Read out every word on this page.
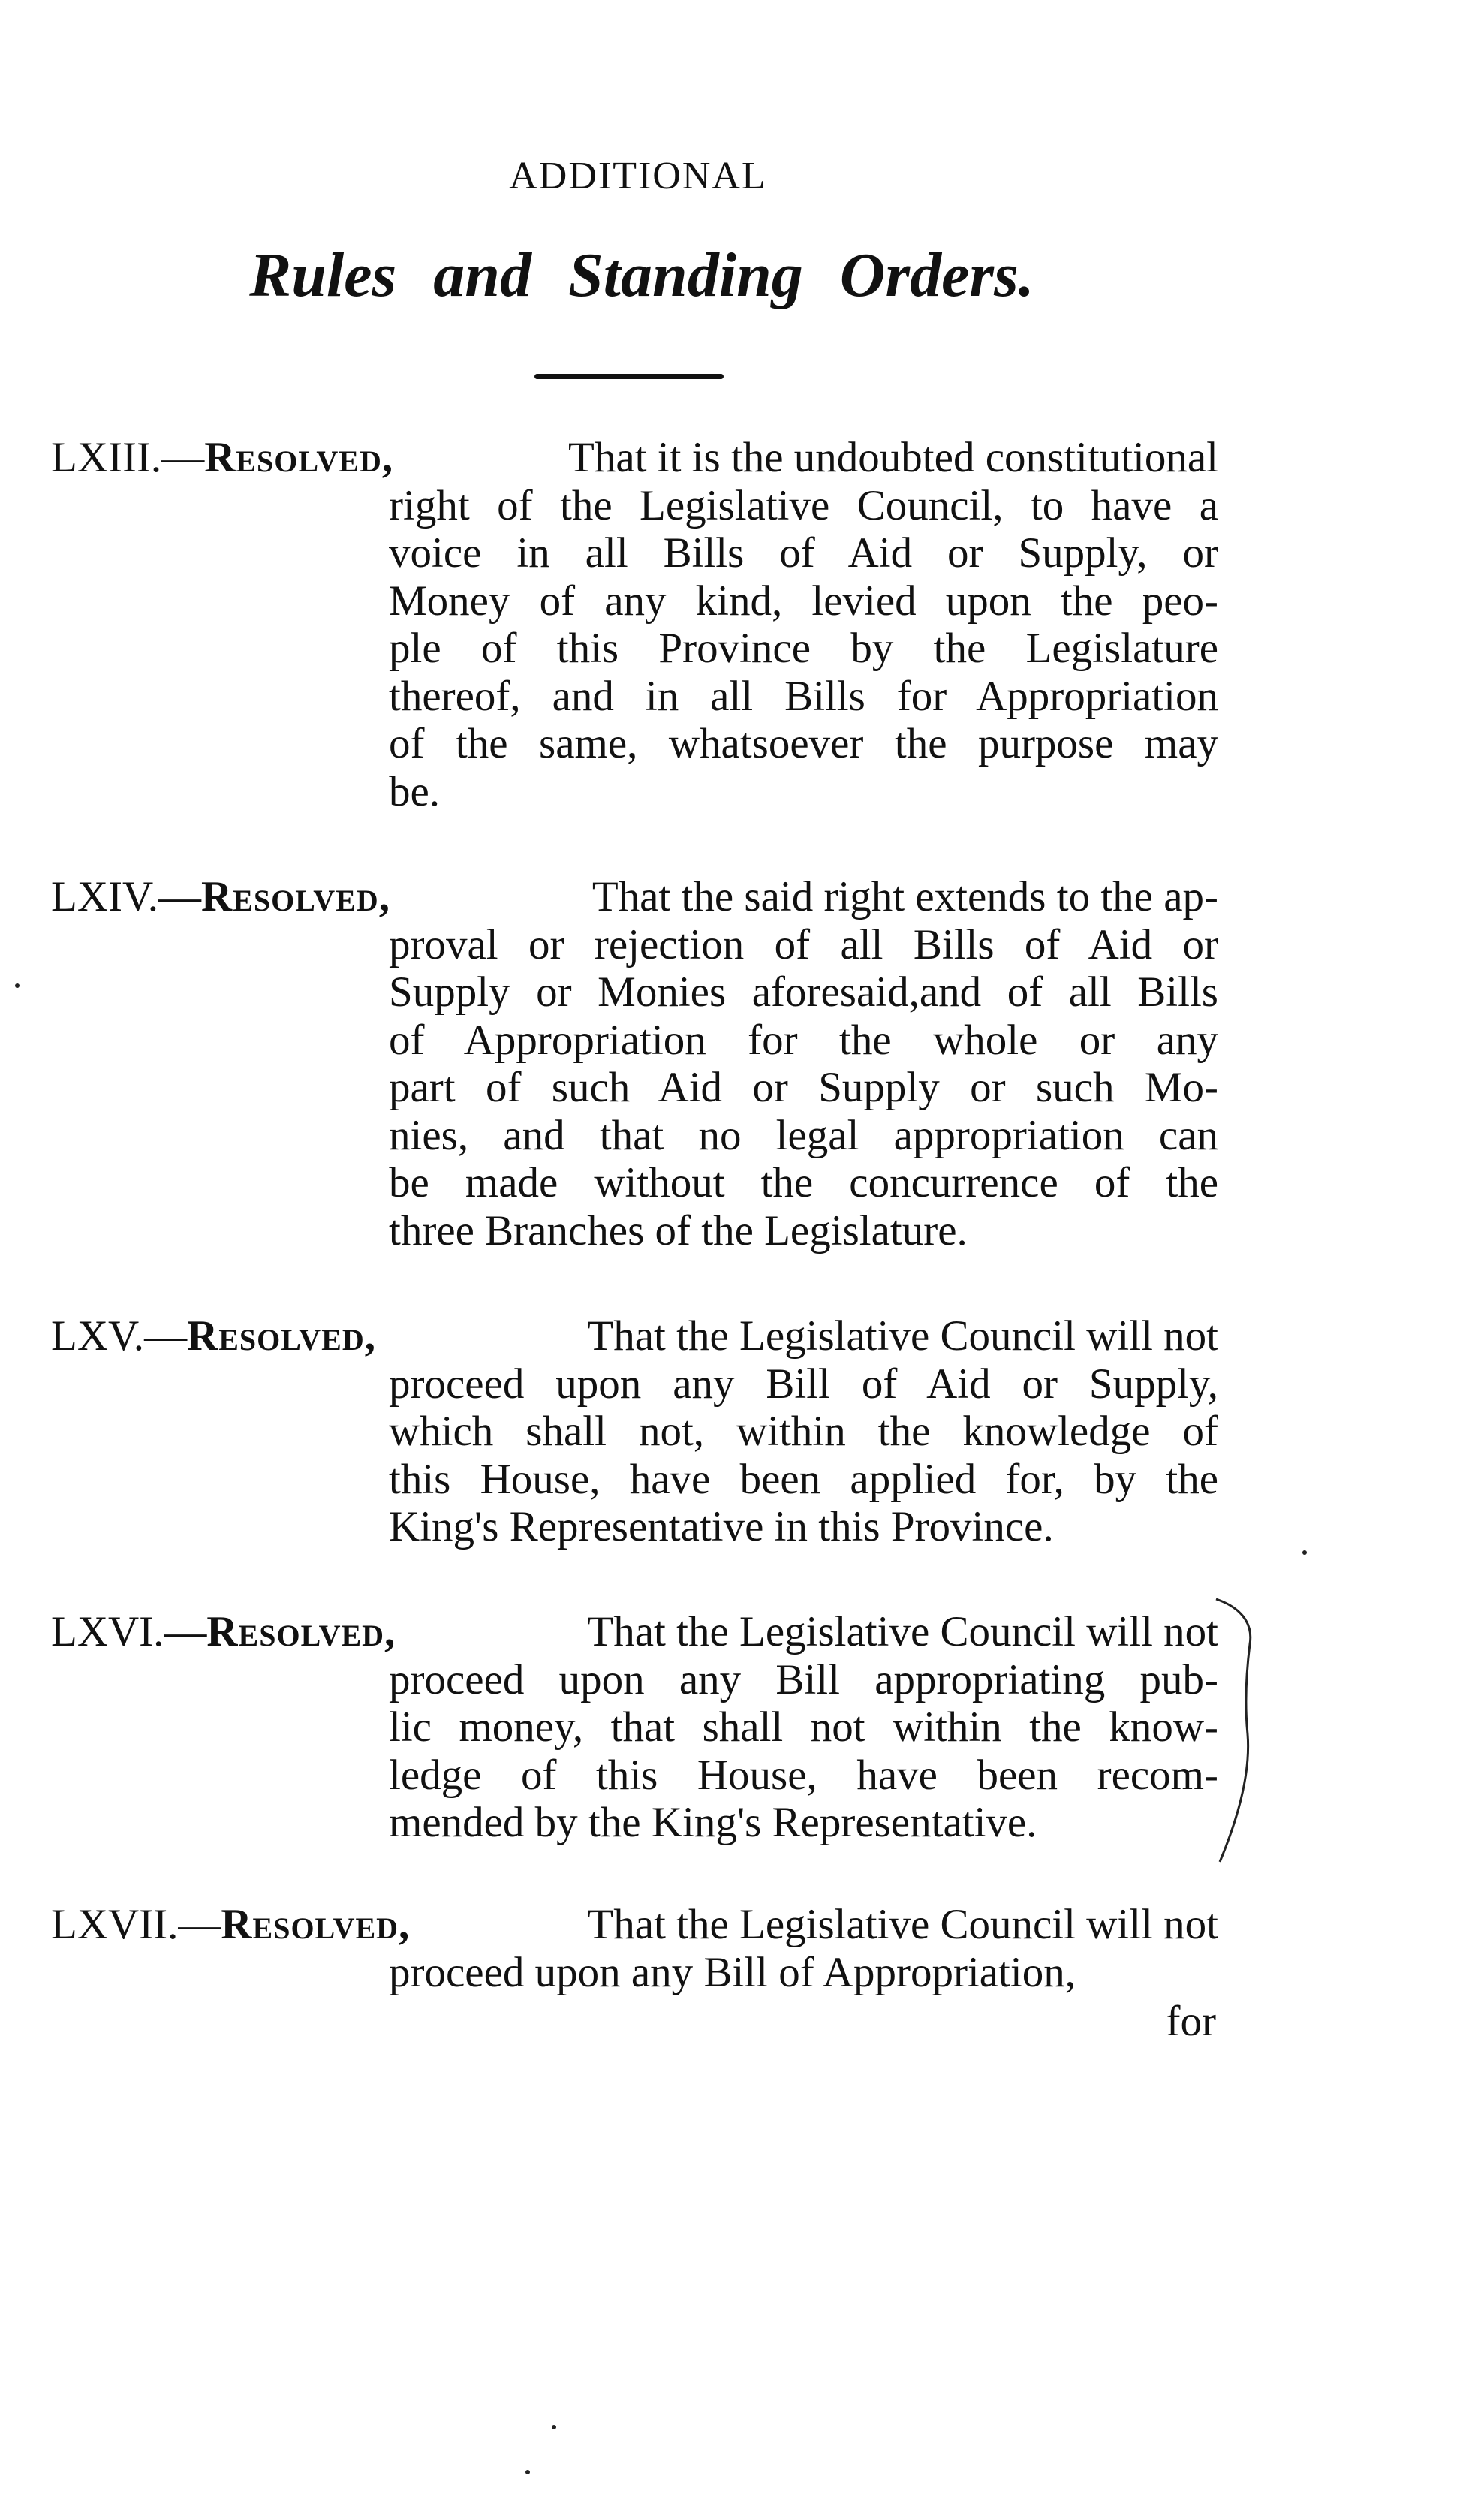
ADDITIONAL
Rules and Standing Orders.
LXIII.—Resolved,	That it is the undoubted constitutional
right of the Legislative Council, to have a
voice in all Bills of Aid or Supply, or
Money of any kind, levied upon the peo-
ple of this Province by the Legislature
thereof, and in all Bills for Appropriation
of the same, whatsoever the purpose may
be.
LXIV.—Resolved,	That the said right extends to the ap-
proval or rejection of all Bills of Aid or
Supply or Monies aforesaid,and of all Bills
of Appropriation for the whole or any
part of such Aid or Supply or such Mo-
nies, and that no legal appropriation can
be made without the concurrence of the
three Branches of the Legislature.
LXV.—Resolved,	That the Legislative Council will not
proceed upon any Bill of Aid or Supply,
which shall not, within the knowledge of
this House, have been applied for, by the
King's Representative in this Province.
LXVI.—Resolved,	That the Legislative Council will not
proceed upon any Bill appropriating pub-
lic money, that shall not within the know-
ledge of this House, have been recom-
mended by the King's Representative.
LXVII.—Resolved,	That the Legislative Council will not
proceed upon any Bill of Appropriation,
for
